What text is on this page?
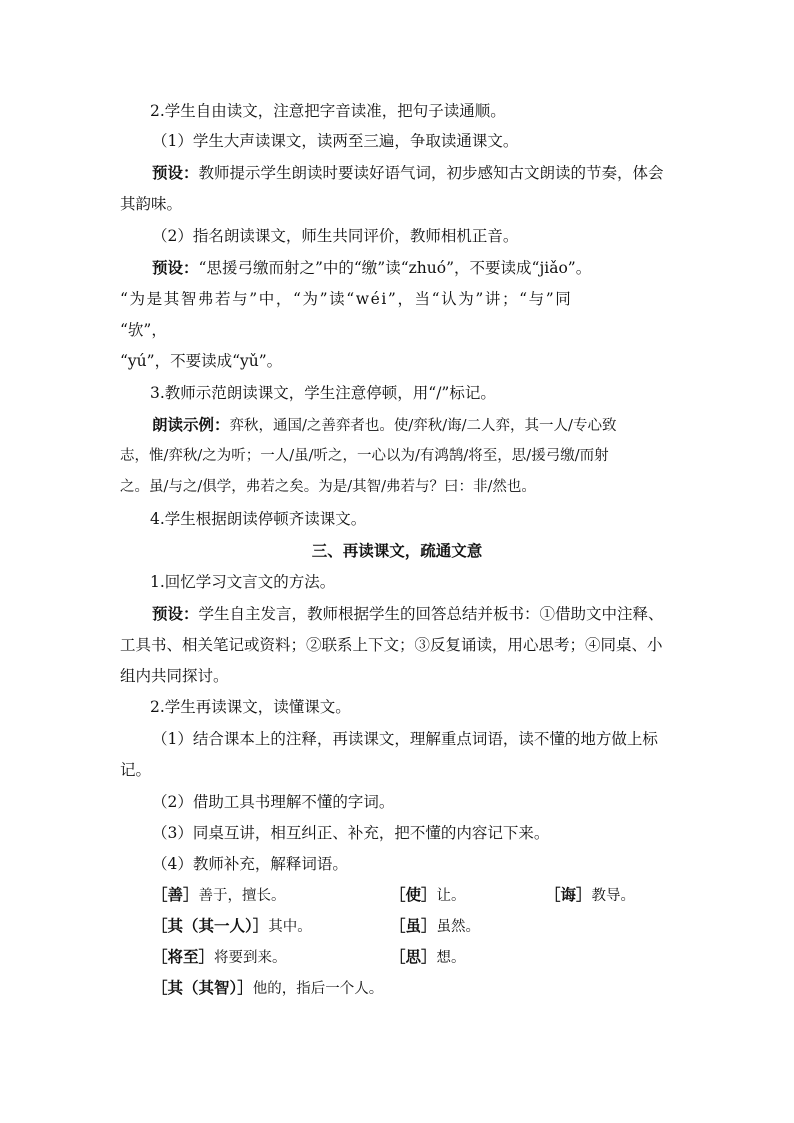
2.学生自由读文，注意把字音读准，把句子读通顺。
（1）学生大声读课文，读两至三遍，争取读通课文。
预设：教师提示学生朗读时要读好语气词，初步感知古文朗读的节奏，体会
其韵味。
（2）指名朗读课文，师生共同评价，教师相机正音。
预设：“思援弓缴而射之”中的“缴”读“zhuó”，不要读成“jiǎo”。
“为是其智弗若与”中，“为”读“wéi”，当“认为”讲；“与”同
“欤”，
“yú”，不要读成“yǔ”。
3.教师示范朗读课文，学生注意停顿，用“/”标记。
朗读示例：弈秋，通国/之善弈者也。使/弈秋/诲/二人弈，其一人/专心致
志，惟/弈秋/之为听；一人/虽/听之，一心以为/有鸿鹄/将至，思/援弓缴/而射
之。虽/与之/俱学，弗若之矣。为是/其智/弗若与？曰：非/然也。
4.学生根据朗读停顿齐读课文。
三、再读课文，疏通文意
1.回忆学习文言文的方法。
预设：学生自主发言，教师根据学生的回答总结并板书：①借助文中注释、
工具书、相关笔记或资料；②联系上下文；③反复诵读，用心思考；④同桌、小
组内共同探讨。
2.学生再读课文，读懂课文。
（1）结合课本上的注释，再读课文，理解重点词语，读不懂的地方做上标
记。
（2）借助工具书理解不懂的字词。
（3）同桌互讲，相互纠正、补充，把不懂的内容记下来。
（4）教师补充，解释词语。
［善］善于，擅长。	［使］让。	［诲］教导。
［其（其一人）］其中。	［虽］虽然。
［将至］将要到来。	［思］想。
［其（其智）］他的，指后一个人。
